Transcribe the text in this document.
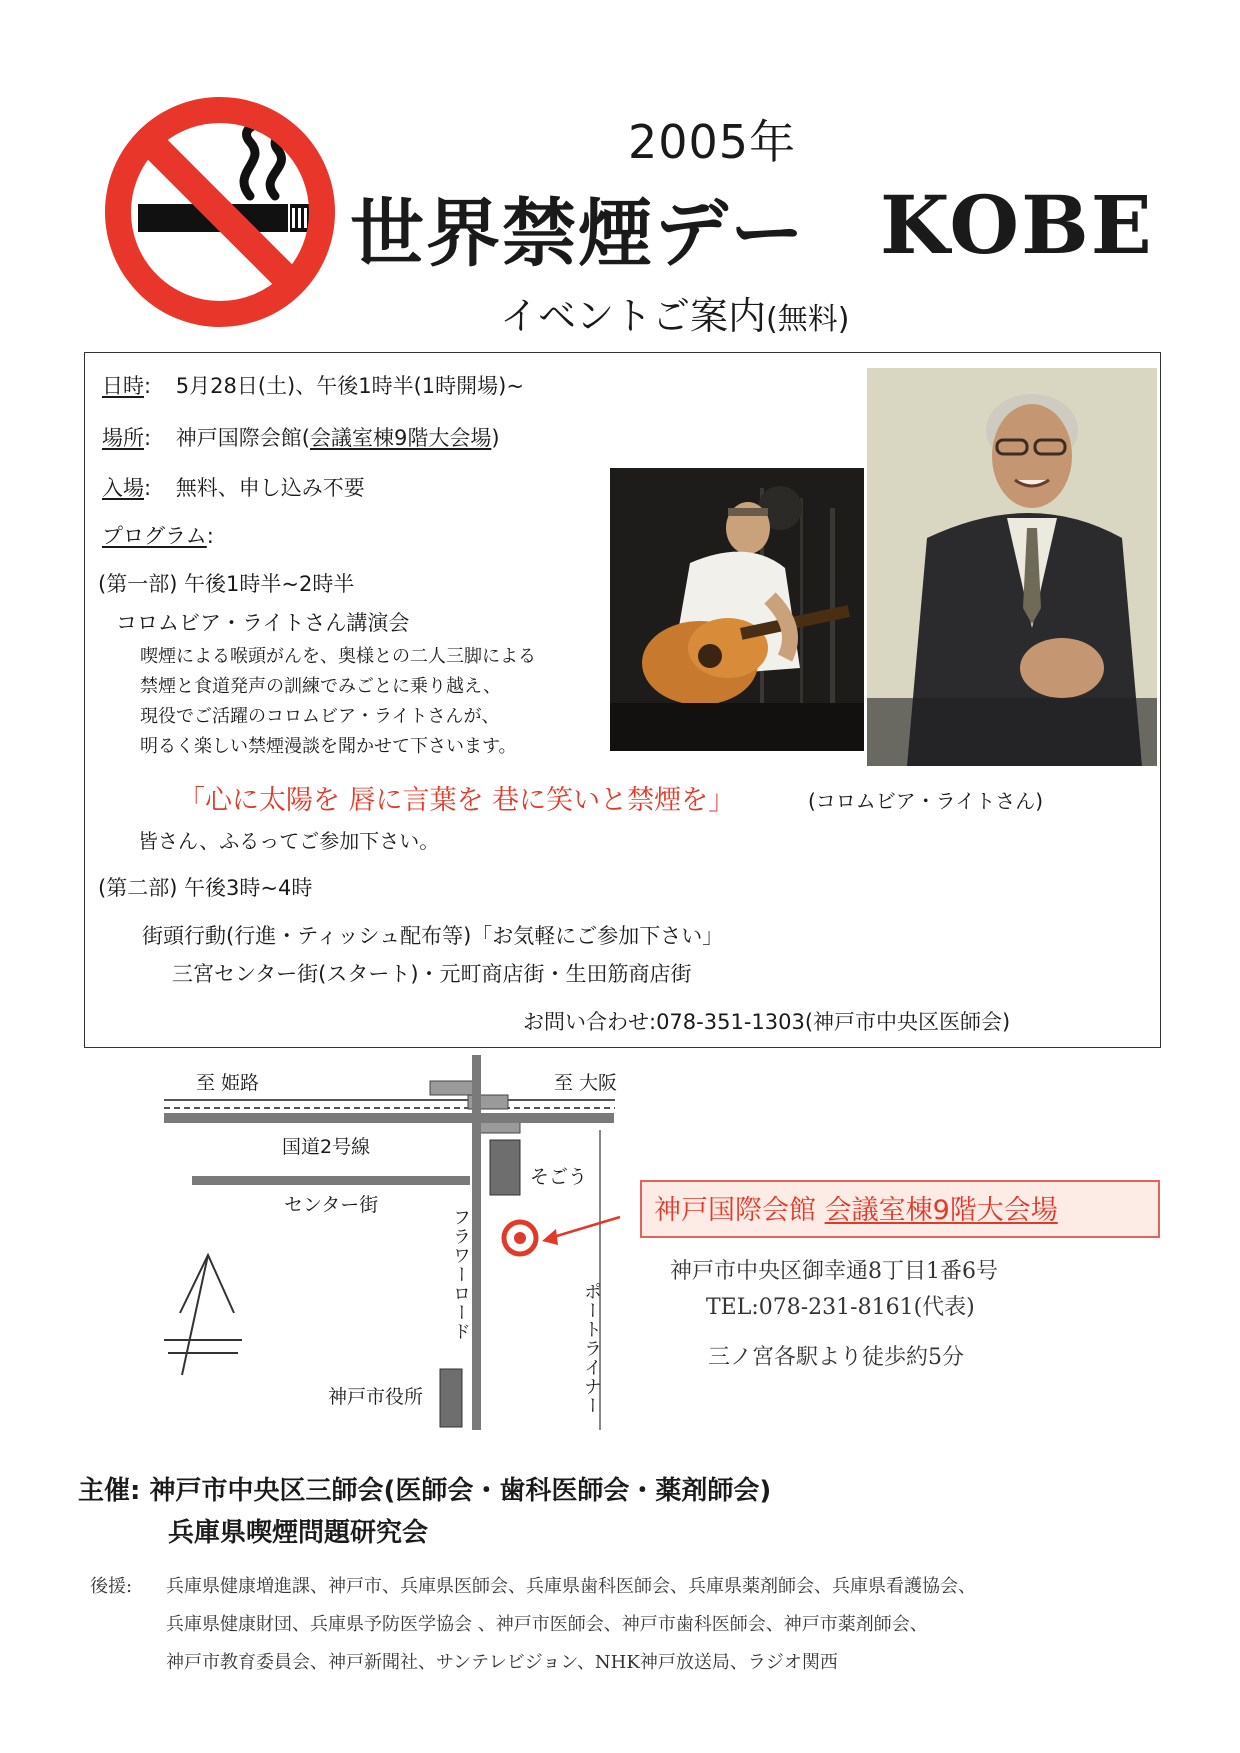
2005年
世界禁煙デー KOBE
イベントご案内(無料)
日時: 5月28日(土)、午後1時半(1時開場)~
場所: 神戸国際会館(会議室棟9階大会場)
入場: 無料、申し込み不要
プログラム:
(第一部) 午後1時半~2時半
コロムビア・ライトさん講演会
喫煙による喉頭がんを、奥様との二人三脚による
禁煙と食道発声の訓練でみごとに乗り越え、
現役でご活躍のコロムビア・ライトさんが、
明るく楽しい禁煙漫談を聞かせて下さいます。
「心に太陽を 唇に言葉を 巷に笑いと禁煙を」	(コロムビア・ライトさん)
皆さん、ふるってご参加下さい。
(第二部) 午後3時~4時
街頭行動(行進・ティッシュ配布等)「お気軽にご参加下さい」
三宮センター街(スタート)・元町商店街・生田筋商店街
お問い合わせ:078-351-1303(神戸市中央区医師会)
至 姫路	至 大阪
国道2号線
センター街
そごう
フラワーロード
ポートライナー
神戸市役所
神戸国際会館 会議室棟9階大会場
神戸市中央区御幸通8丁目1番6号
TEL:078-231-8161(代表)
三ノ宮各駅より徒歩約5分
主催: 神戸市中央区三師会(医師会・歯科医師会・薬剤師会)
兵庫県喫煙問題研究会
後援: 兵庫県健康増進課、神戸市、兵庫県医師会、兵庫県歯科医師会、兵庫県薬剤師会、兵庫県看護協会、
兵庫県健康財団、兵庫県予防医学協会 、神戸市医師会、神戸市歯科医師会、神戸市薬剤師会、
神戸市教育委員会、神戸新聞社、サンテレビジョン、NHK神戸放送局、ラジオ関西
